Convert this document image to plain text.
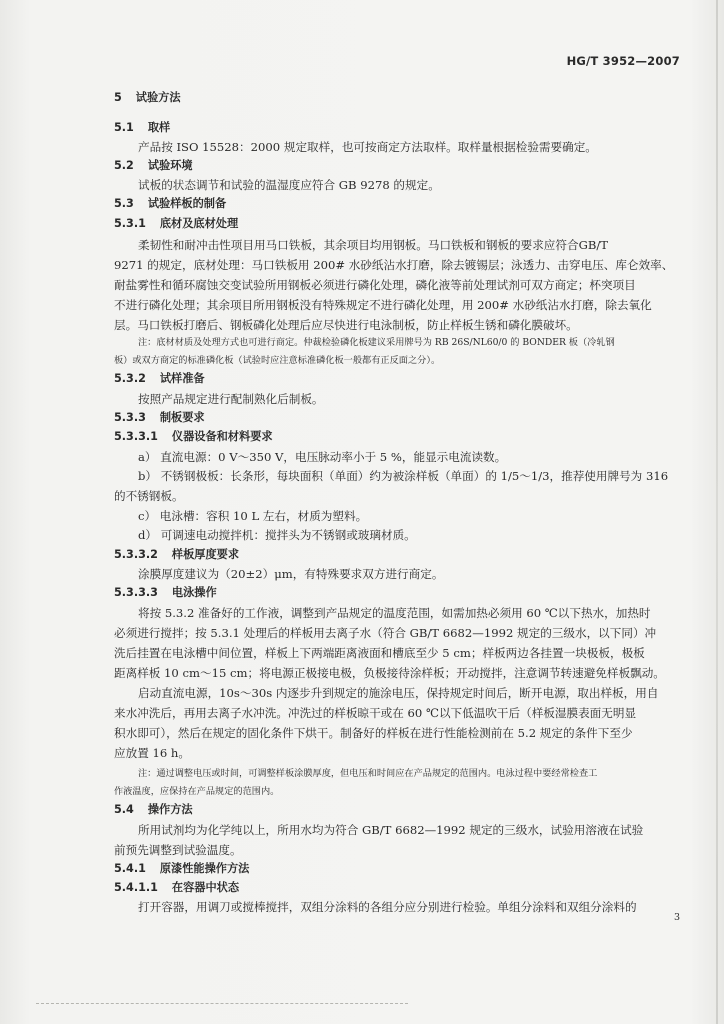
HG/T 3952—2007
5 试验方法
5.1 取样
产品按 ISO 15528：2000 规定取样，也可按商定方法取样。取样量根据检验需要确定。
5.2 试验环境
试板的状态调节和试验的温湿度应符合 GB 9278 的规定。
5.3 试验样板的制备
5.3.1 底材及底材处理
柔韧性和耐冲击性项目用马口铁板，其余项目均用钢板。马口铁板和钢板的要求应符合GB/T
9271 的规定，底材处理：马口铁板用 200# 水砂纸沾水打磨，除去镀锡层；泳透力、击穿电压、库仑效率、
耐盐雾性和循环腐蚀交变试验所用钢板必须进行磷化处理，磷化液等前处理试剂可双方商定；杯突项目
不进行磷化处理；其余项目所用钢板没有特殊规定不进行磷化处理，用 200# 水砂纸沾水打磨，除去氧化
层。马口铁板打磨后、钢板磷化处理后应尽快进行电泳制板，防止样板生锈和磷化膜破坏。
注：底材材质及处理方式也可进行商定。仲裁检验磷化板建议采用牌号为 RB 26S/NL60/0 的 BONDER 板（冷轧钢
板）或双方商定的标准磷化板（试验时应注意标准磷化板一般都有正反面之分）。
5.3.2 试样准备
按照产品规定进行配制熟化后制板。
5.3.3 制板要求
5.3.3.1 仪器设备和材料要求
a） 直流电源：0 V～350 V，电压脉动率小于 5 %，能显示电流读数。
b） 不锈钢极板：长条形，每块面积（单面）约为被涂样板（单面）的 1/5～1/3，推荐使用牌号为 316
的不锈钢板。
c） 电泳槽：容积 10 L 左右，材质为塑料。
d） 可调速电动搅拌机：搅拌头为不锈钢或玻璃材质。
5.3.3.2 样板厚度要求
涂膜厚度建议为（20±2）μm，有特殊要求双方进行商定。
5.3.3.3 电泳操作
将按 5.3.2 准备好的工作液，调整到产品规定的温度范围，如需加热必须用 60 ℃以下热水，加热时
必须进行搅拌；按 5.3.1 处理后的样板用去离子水（符合 GB/T 6682—1992 规定的三级水，以下同）冲
洗后挂置在电泳槽中间位置，样板上下两端距离液面和槽底至少 5 cm；样板两边各挂置一块极板，极板
距离样板 10 cm～15 cm；将电源正极接电极，负极接待涂样板；开动搅拌，注意调节转速避免样板飘动。
启动直流电源，10s～30s 内逐步升到规定的施涂电压，保持规定时间后，断开电源，取出样板，用自
来水冲洗后，再用去离子水冲洗。冲洗过的样板晾干或在 60 ℃以下低温吹干后（样板湿膜表面无明显
积水即可），然后在规定的固化条件下烘干。制备好的样板在进行性能检测前在 5.2 规定的条件下至少
应放置 16 h。
注：通过调整电压或时间，可调整样板涂膜厚度，但电压和时间应在产品规定的范围内。电泳过程中要经常检查工
作液温度，应保持在产品规定的范围内。
5.4 操作方法
所用试剂均为化学纯以上，所用水均为符合 GB/T 6682—1992 规定的三级水，试验用溶液在试验
前预先调整到试验温度。
5.4.1 原漆性能操作方法
5.4.1.1 在容器中状态
打开容器，用调刀或搅棒搅拌，双组分涂料的各组分应分别进行检验。单组分涂料和双组分涂料的
3
